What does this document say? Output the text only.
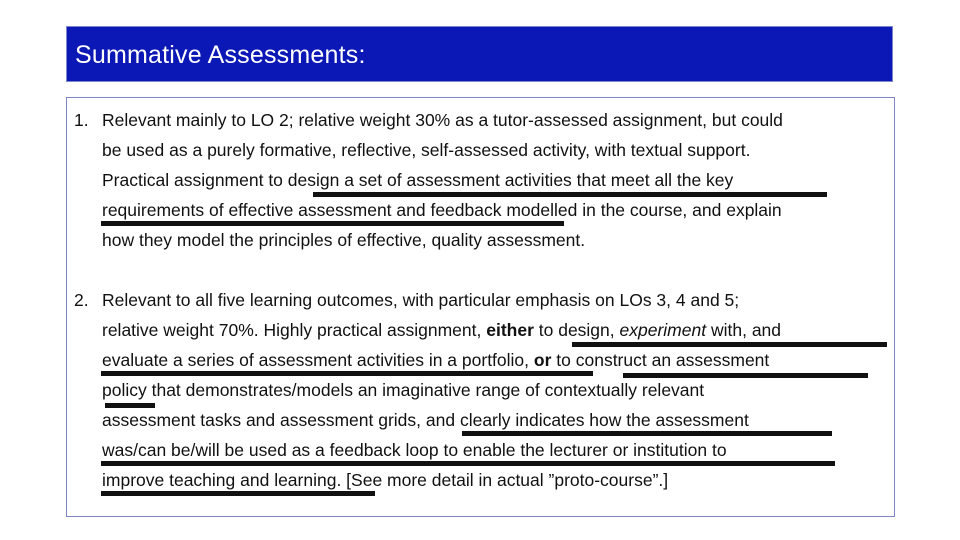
Summative Assessments:
1. Relevant mainly to LO 2; relative weight 30% as a tutor-assessed assignment, but could
be used as a purely formative, reflective, self-assessed activity, with textual support.
Practical assignment to design a set of assessment activities that meet all the key
requirements of effective assessment and feedback modelled in the course, and explain
how they model the principles of effective, quality assessment.
2. Relevant to all five learning outcomes, with particular emphasis on LOs 3, 4 and 5;
relative weight 70%. Highly practical assignment, either to design, experiment with, and
evaluate a series of assessment activities in a portfolio, or to construct an assessment
policy that demonstrates/models an imaginative range of contextually relevant
assessment tasks and assessment grids, and clearly indicates how the assessment
was/can be/will be used as a feedback loop to enable the lecturer or institution to
improve teaching and learning. [See more detail in actual ”proto-course”.]
